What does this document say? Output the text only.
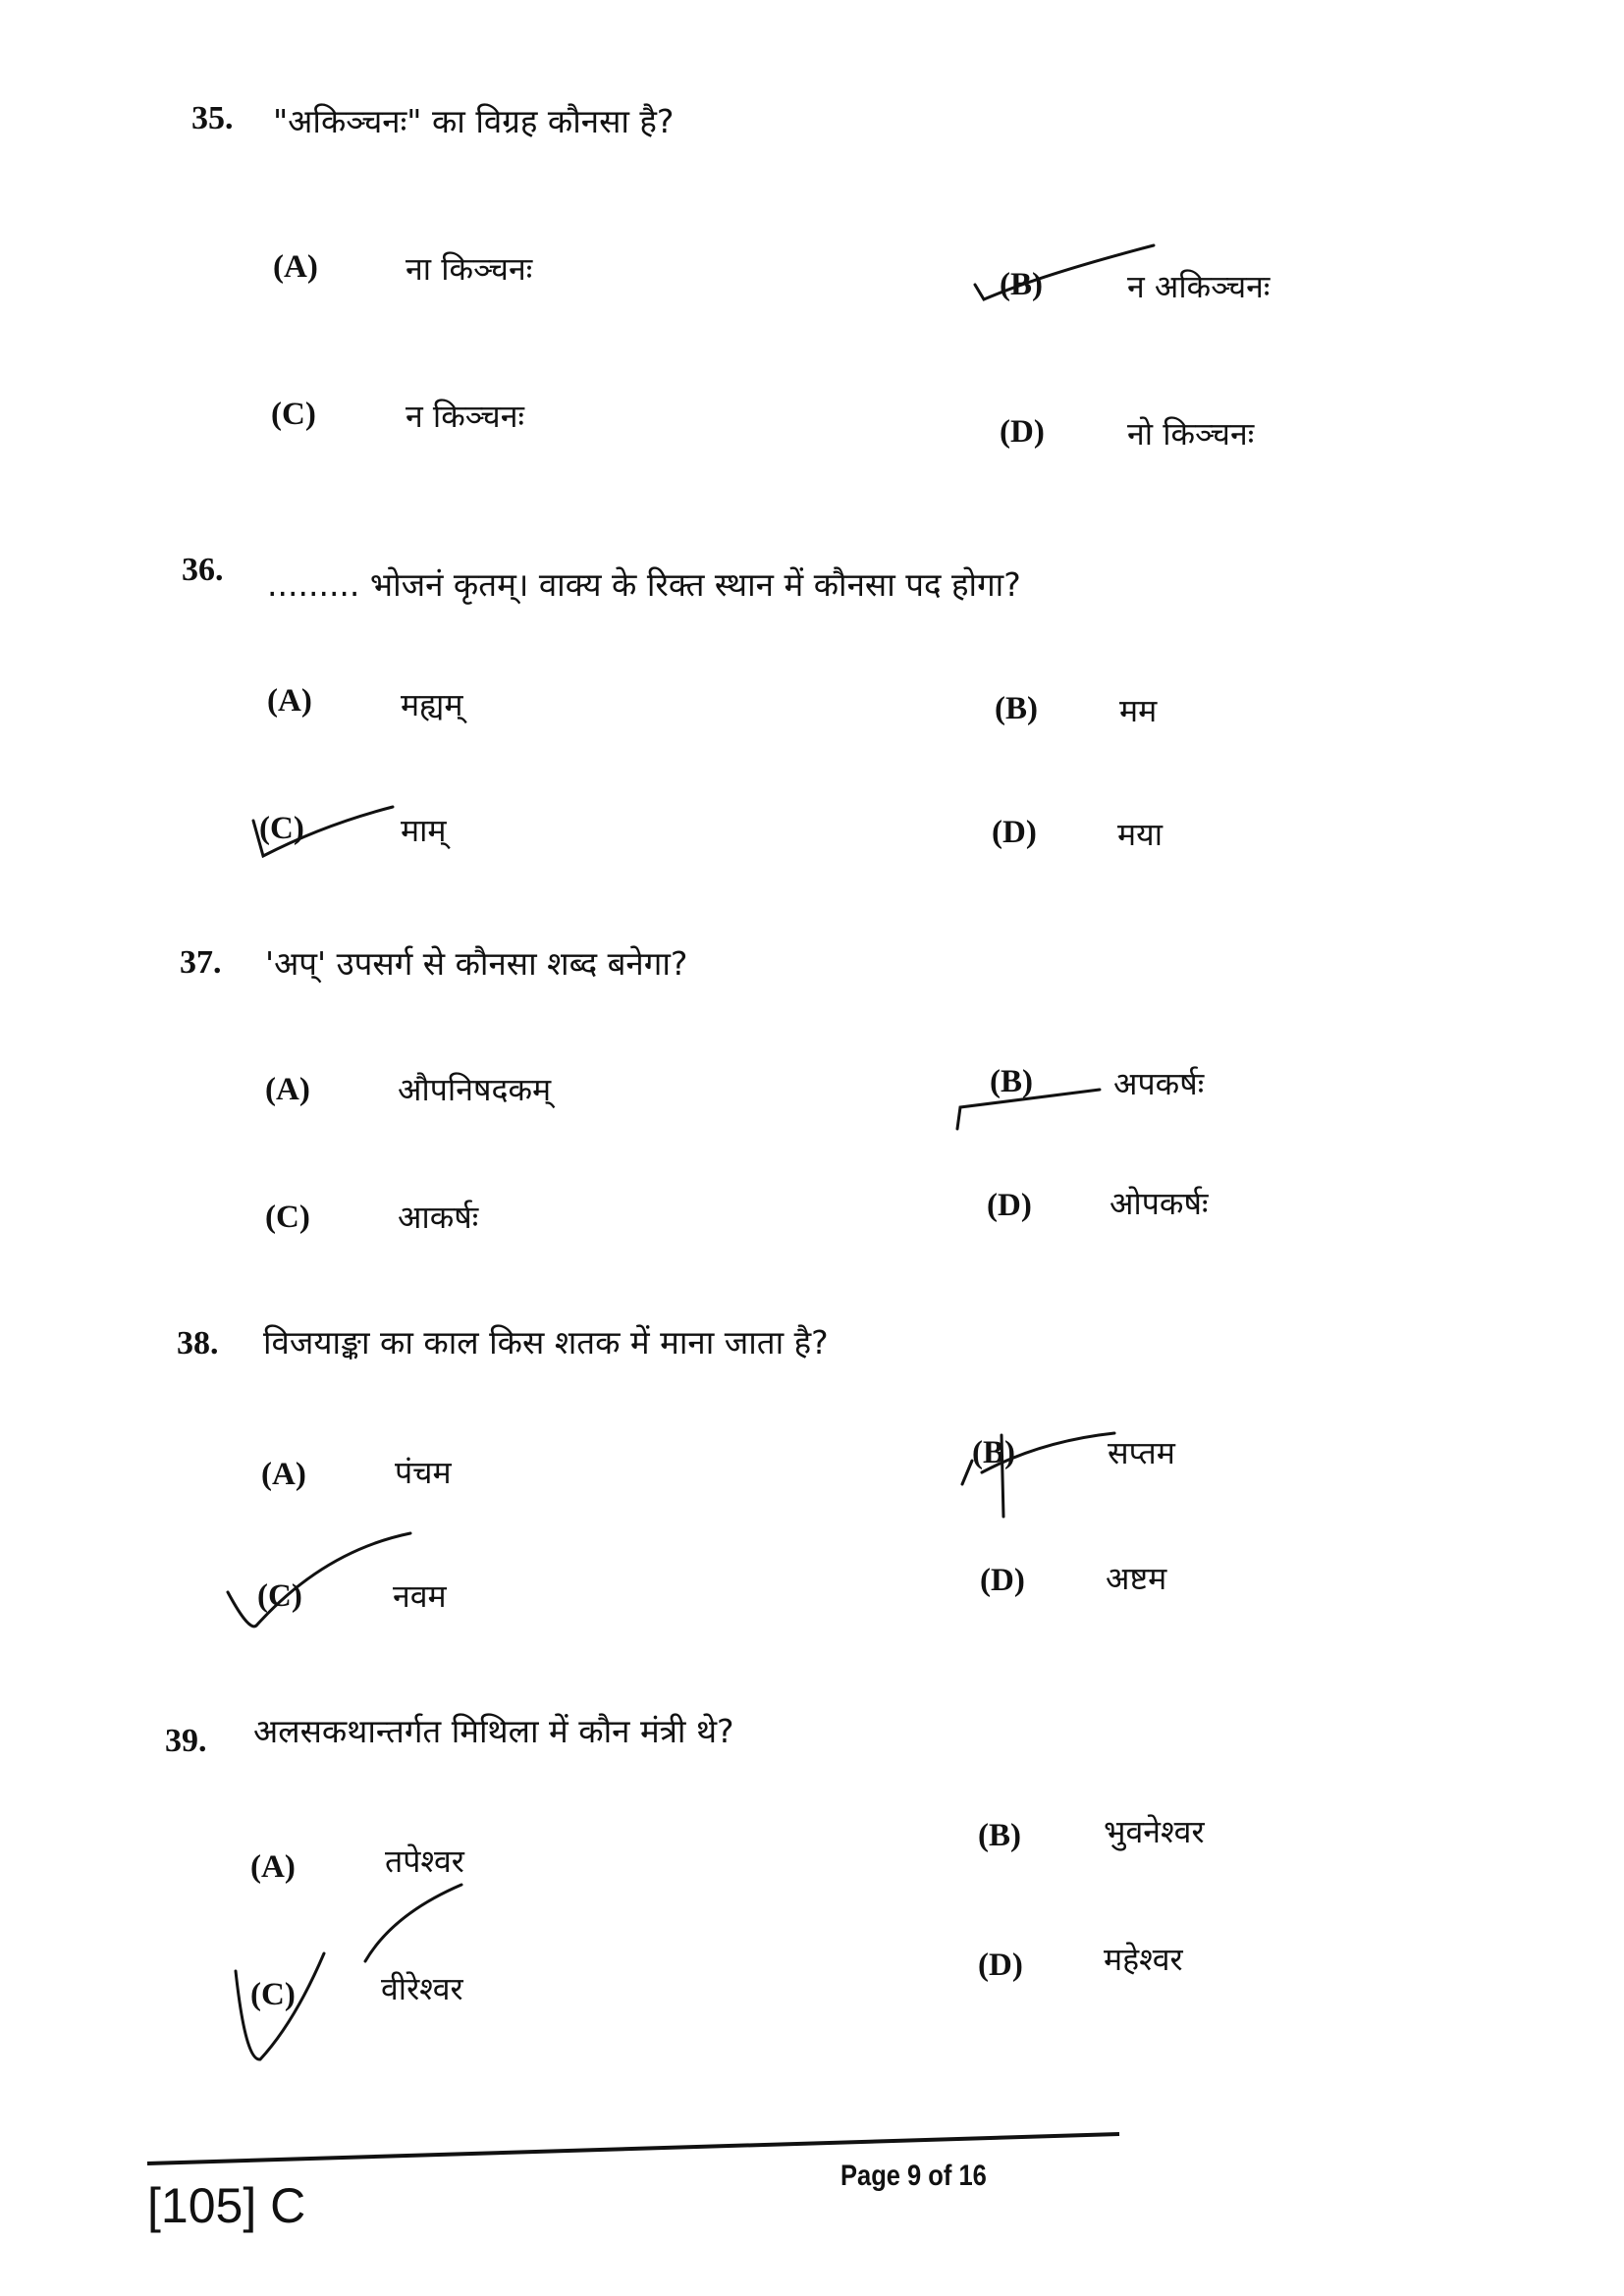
35. "अकिञ्चनः" का विग्रह कौनसा है?
(A)	ना किञ्चनः	(B)	न अकिञ्चनः
(C)	न किञ्चनः	(D)	नो किञ्चनः
36. ......... भोजनं कृतम्। वाक्य के रिक्त स्थान में कौनसा पद होगा?
(A)	मह्यम्	(B)	मम
(C)	माम्	(D)	मया
37. 'अप्' उपसर्ग से कौनसा शब्द बनेगा?
(A)	औपनिषदकम्	(B)	अपकर्षः
(C)	आकर्षः	(D) ओपकर्षः
38. विजयाङ्का का काल किस शतक में माना जाता है?
(A)	पंचम
(B)	सप्तम
(C)	नवम	(D)	अष्टम
39. अलसकथान्तर्गत मिथिला में कौन मंत्री थे?
(A)	तपेश्वर
(B)	भुवनेश्वर
(C)	वीरेश्वर
(D)	महेश्वर
[105] C
Page 9 of 16
